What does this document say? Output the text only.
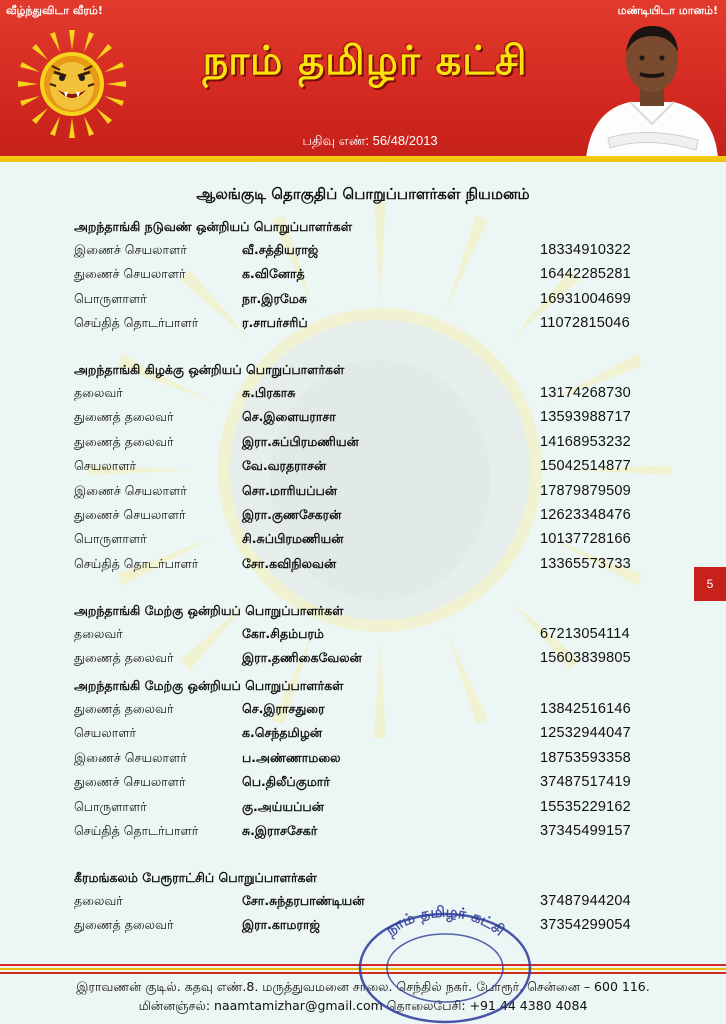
வீழ்ந்துவிடா வீரம்!	மண்டியிடா மானம்!
நாம் தமிழர் கட்சி
பதிவு எண்: 56/48/2013
ஆலங்குடி தொகுதிப் பொறுப்பாளர்கள் நியமனம்
அறந்தாங்கி நடுவண் ஒன்றியப் பொறுப்பாளர்கள்
இணைச் செயலாளர்	வீ.சத்தியராஜ்	18334910322
துணைச் செயலாளர்	க.வினோத்	16442285281
பொருளாளர்	நா.இரமேசு	16931004699
செய்தித் தொடர்பாளர்	ர.சாபர்சரிப்	11072815046
அறந்தாங்கி கிழக்கு ஒன்றியப் பொறுப்பாளர்கள்
தலைவர்	சு.பிரகாசு	13174268730
துணைத் தலைவர்	செ.இளையராசா	13593988717
துணைத் தலைவர்	இரா.சுப்பிரமணியன்	14168953232
செயலாளர்	வே.வரதராசன்	15042514877
இணைச் செயலாளர்	சொ.மாரியப்பன்	17879879509
துணைச் செயலாளர்	இரா.குணசேகரன்	12623348476
பொருளாளர்	சி.சுப்பிரமணியன்	10137728166
செய்தித் தொடர்பாளர்	சோ.கவிநிலவன்	13365573733
அறந்தாங்கி மேற்கு ஒன்றியப் பொறுப்பாளர்கள்
தலைவர்	கோ.சிதம்பரம்	67213054114
துணைத் தலைவர்	இரா.தணிகைவேலன்	15603839805
அறந்தாங்கி மேற்கு ஒன்றியப் பொறுப்பாளர்கள்
துணைத் தலைவர்	செ.இராசதுரை	13842516146
செயலாளர்	க.செந்தமிழன்	12532944047
இணைச் செயலாளர்	ப.அண்ணாமலை	18753593358
துணைச் செயலாளர்	பெ.திலீப்குமார்	37487517419
பொருளாளர்	கு.அய்யப்பன்	15535229162
செய்தித் தொடர்பாளர்	சு.இராசசேகர்	37345499157
கீரமங்கலம் பேரூராட்சிப் பொறுப்பாளர்கள்
தலைவர்	சோ.சுந்தரபாண்டியன்	37487944204
துணைத் தலைவர்	இரா.காமராஜ்	37354299054
5
இராவணன் குடில். கதவு எண்.8. மருத்துவமனை சாலை. செந்தில் நகர். போரூர். சென்னை – 600 116.
மின்னஞ்சல்: naamtamizhar@gmail.com தொலைபேசி: +91 44 4380 4084
நாம் தமிழர் கட்சி
